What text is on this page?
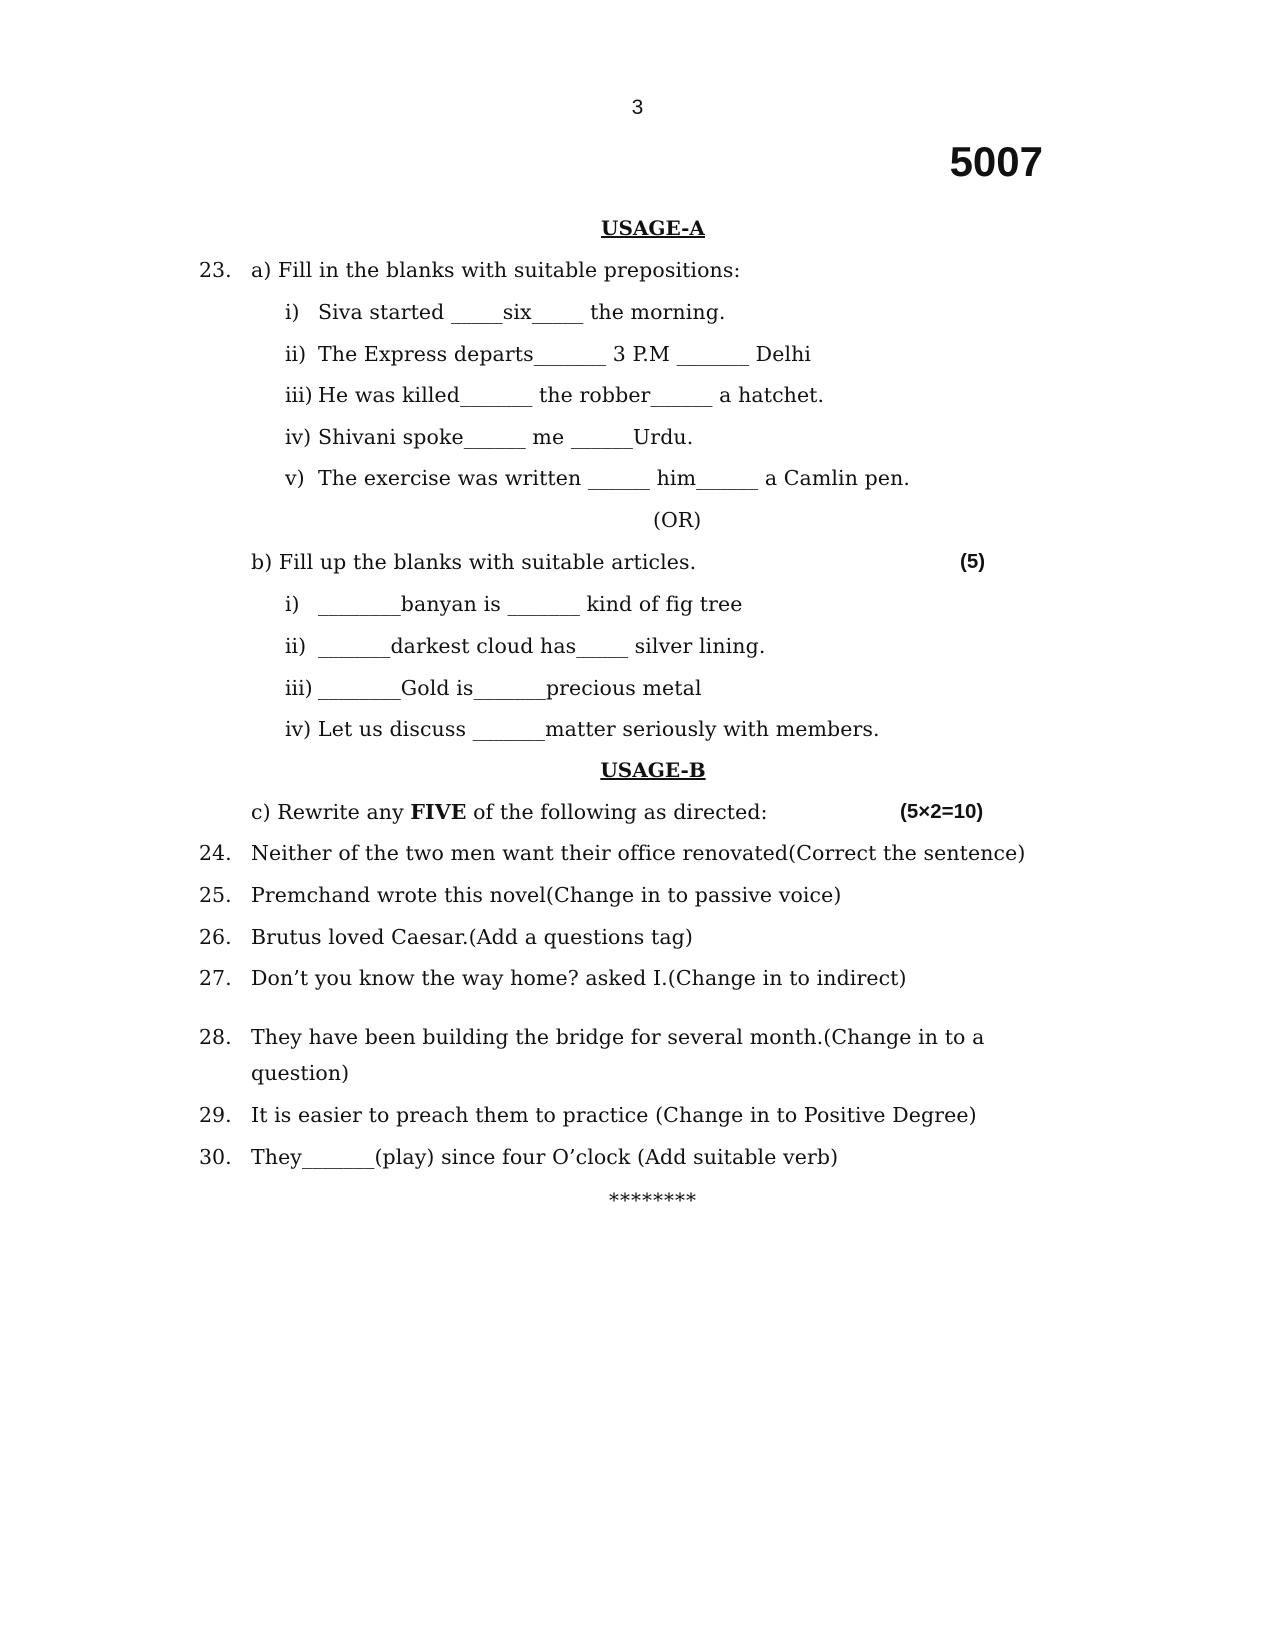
3
5007
USAGE-A
23. a) Fill in the blanks with suitable prepositions:
i) Siva started _____six_____ the morning.
ii) The Express departs_______ 3 P.M _______ Delhi
iii) He was killed_______ the robber______ a hatchet.
iv) Shivani spoke______ me ______Urdu.
v) The exercise was written ______ him______ a Camlin pen.
(OR)
b) Fill up the blanks with suitable articles.	(5)
i) ________banyan is _______ kind of fig tree
ii) _______darkest cloud has_____ silver lining.
iii) ________Gold is_______precious metal
iv) Let us discuss _______matter seriously with members.
USAGE-B
c) Rewrite any FIVE of the following as directed:	(5×2=10)
24. Neither of the two men want their office renovated(Correct the sentence)
25. Premchand wrote this novel(Change in to passive voice)
26. Brutus loved Caesar.(Add a questions tag)
27. Don’t you know the way home? asked I.(Change in to indirect)
28. They have been building the bridge for several month.(Change in to a
question)
29. It is easier to preach them to practice (Change in to Positive Degree)
30. They_______(play) since four O’clock (Add suitable verb)
********
